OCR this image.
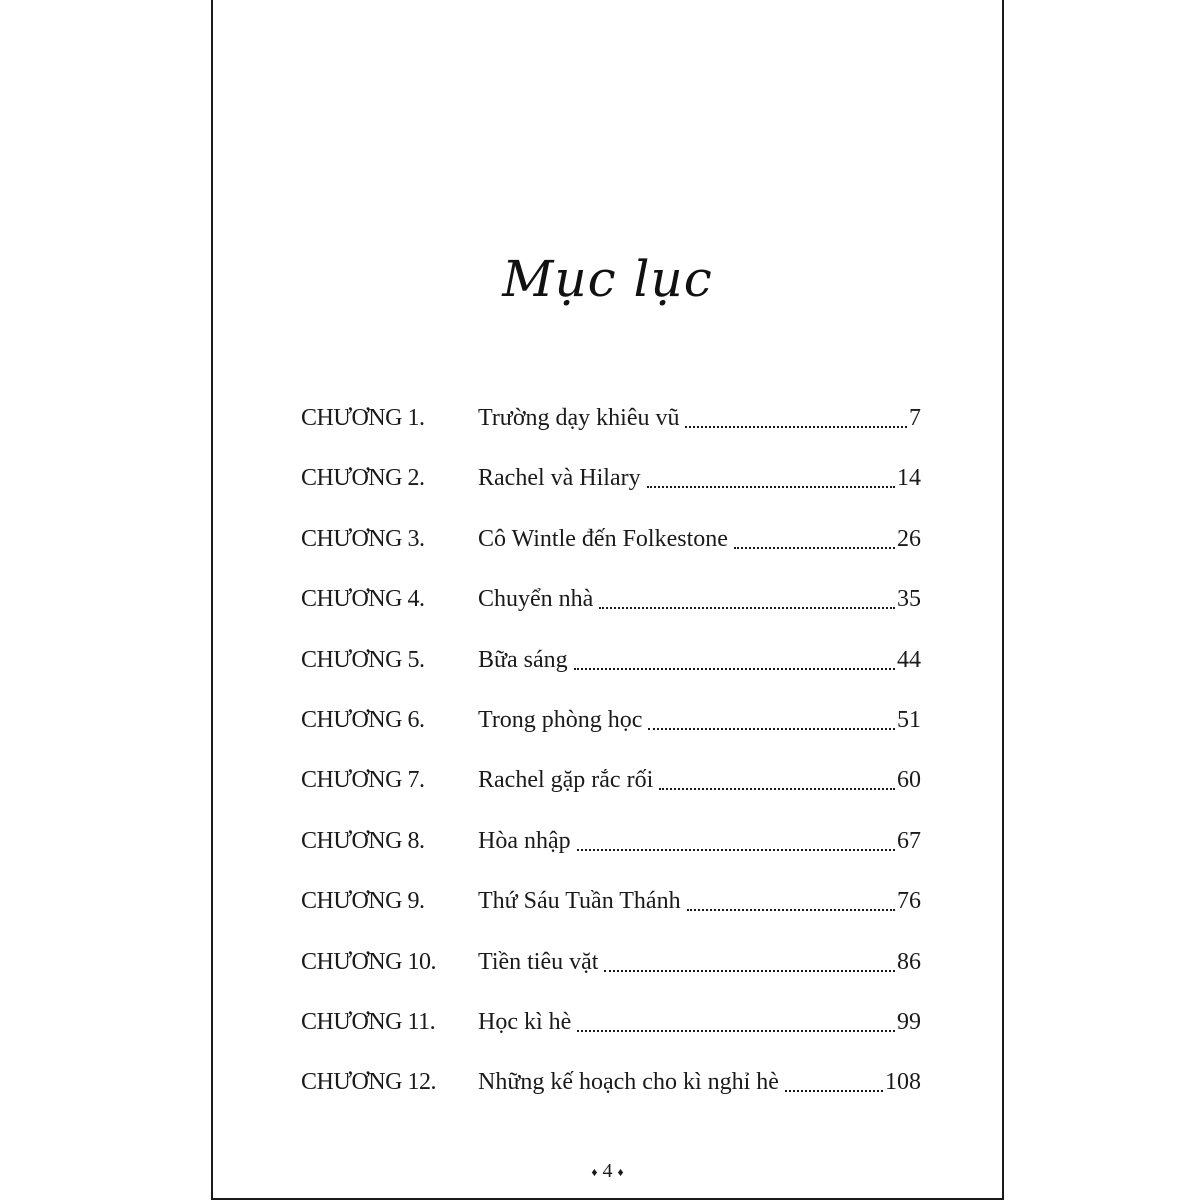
Mục lục
CHƯƠNG 1.	Trường dạy khiêu vũ	7
CHƯƠNG 2.	Rachel và Hilary	14
CHƯƠNG 3.	Cô Wintle đến Folkestone	26
CHƯƠNG 4.	Chuyển nhà	35
CHƯƠNG 5.	Bữa sáng	44
CHƯƠNG 6.	Trong phòng học	51
CHƯƠNG 7.	Rachel gặp rắc rối	60
CHƯƠNG 8.	Hòa nhập	67
CHƯƠNG 9.	Thứ Sáu Tuần Thánh	76
CHƯƠNG 10.	Tiền tiêu vặt	86
CHƯƠNG 11.	Học kì hè	99
CHƯƠNG 12.	Những kế hoạch cho kì nghỉ hè	108
♦ 4 ♦
